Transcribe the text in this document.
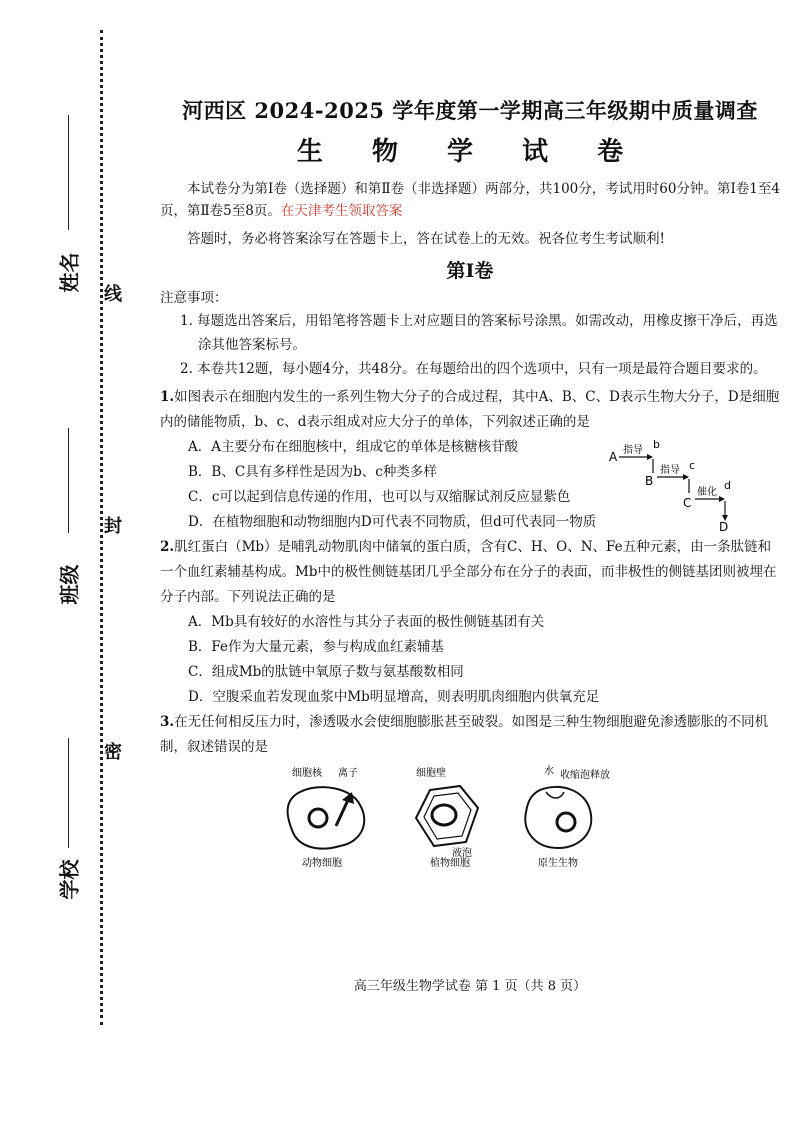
线
封
密
姓名
班级
学校
河西区 2024-2025 学年度第一学期高三年级期中质量调查
生 物 学 试 卷
本试卷分为第Ⅰ卷（选择题）和第Ⅱ卷（非选择题）两部分，共100分，考试用时60分钟。第Ⅰ卷1至4页，第Ⅱ卷5至8页。在天津考生领取答案
答题时，务必将答案涂写在答题卡上，答在试卷上的无效。祝各位考生考试顺利!
第Ⅰ卷
注意事项：
1. 每题选出答案后，用铅笔将答题卡上对应题目的答案标号涂黑。如需改动，用橡皮擦干净后，再选涂其他答案标号。
2. 本卷共12题，每小题4分，共48分。在每题给出的四个选项中，只有一项是最符合题目要求的。
1.如图表示在细胞内发生的一系列生物大分子的合成过程，其中A、B、C、D表示生物大分子，D是细胞内的储能物质，b、c、d表示组成对应大分子的单体，下列叙述正确的是
A．A主要分布在细胞核中，组成它的单体是核糖核苷酸
B．B、C具有多样性是因为b、c种类多样
C．c可以起到信息传递的作用，也可以与双缩脲试剂反应显紫色
D．在植物细胞和动物细胞内D可代表不同物质，但d可代表同一物质
A 指导 b
B
指导 c
C
催化
d
D
2.肌红蛋白（Mb）是哺乳动物肌肉中储氧的蛋白质，含有C、H、O、N、Fe五种元素，由一条肽链和一个血红素辅基构成。Mb中的极性侧链基团几乎全部分布在分子的表面，而非极性的侧链基团则被埋在分子内部。下列说法正确的是
A．Mb具有较好的水溶性与其分子表面的极性侧链基团有关
B．Fe作为大量元素，参与构成血红素辅基
C．组成Mb的肽链中氧原子数与氨基酸数相同
D．空腹采血若发现血浆中Mb明显增高，则表明肌肉细胞内供氧充足
3.在无任何相反压力时，渗透吸水会使细胞膨胀甚至破裂。如图是三种生物细胞避免渗透膨胀的不同机制，叙述错误的是
细胞核 离子
动物细胞
细胞壁
液泡
植物细胞
水 收缩泡释放
原生生物
高三年级生物学试卷 第 1 页（共 8 页）
